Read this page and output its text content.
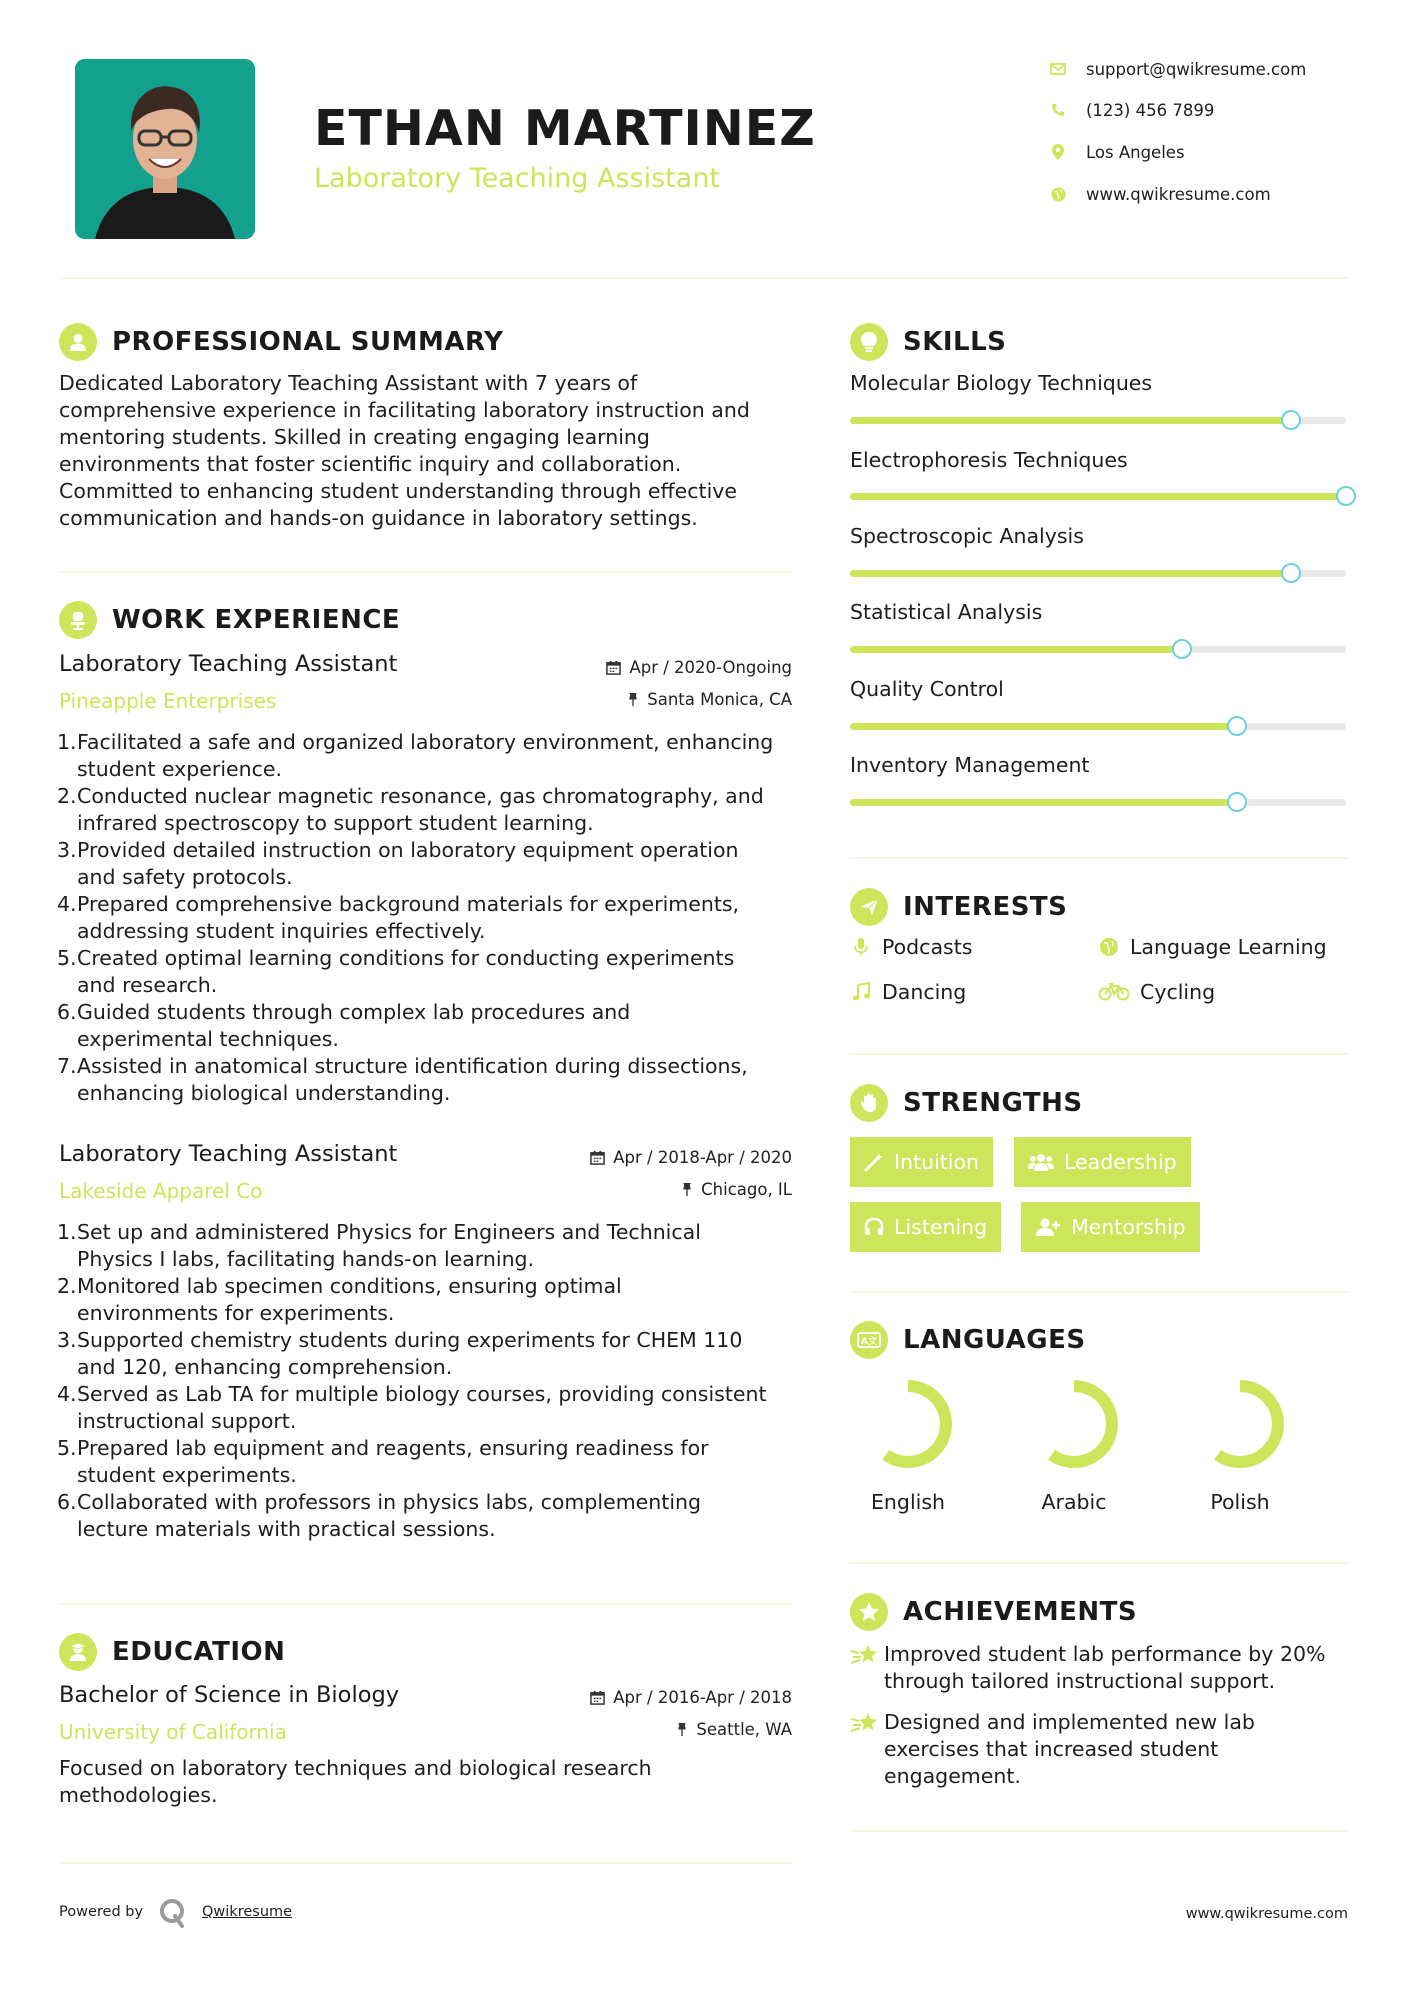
ETHAN MARTINEZ
Laboratory Teaching Assistant
support@qwikresume.com
(123) 456 7899
Los Angeles
www.qwikresume.com
PROFESSIONAL SUMMARY
Dedicated Laboratory Teaching Assistant with 7 years of
comprehensive experience in facilitating laboratory instruction and
mentoring students. Skilled in creating engaging learning
environments that foster scientific inquiry and collaboration.
Committed to enhancing student understanding through effective
communication and hands-on guidance in laboratory settings.
WORK EXPERIENCE
Laboratory Teaching Assistant
Pineapple Enterprises
Apr / 2020-Ongoing
Santa Monica, CA
1. Facilitated a safe and organized laboratory environment, enhancing
student experience.
2. Conducted nuclear magnetic resonance, gas chromatography, and
infrared spectroscopy to support student learning.
3. Provided detailed instruction on laboratory equipment operation
and safety protocols.
4. Prepared comprehensive background materials for experiments,
addressing student inquiries effectively.
5. Created optimal learning conditions for conducting experiments
and research.
6. Guided students through complex lab procedures and
experimental techniques.
7. Assisted in anatomical structure identification during dissections,
enhancing biological understanding.
Laboratory Teaching Assistant
Lakeside Apparel Co
Apr / 2018-Apr / 2020
Chicago, IL
1. Set up and administered Physics for Engineers and Technical
Physics I labs, facilitating hands-on learning.
2. Monitored lab specimen conditions, ensuring optimal
environments for experiments.
3. Supported chemistry students during experiments for CHEM 110
and 120, enhancing comprehension.
4. Served as Lab TA for multiple biology courses, providing consistent
instructional support.
5. Prepared lab equipment and reagents, ensuring readiness for
student experiments.
6. Collaborated with professors in physics labs, complementing
lecture materials with practical sessions.
EDUCATION
Bachelor of Science in Biology
University of California
Apr / 2016-Apr / 2018
Seattle, WA
Focused on laboratory techniques and biological research
methodologies.
SKILLS
Molecular Biology Techniques
Electrophoresis Techniques
Spectroscopic Analysis
Statistical Analysis
Quality Control
Inventory Management
INTERESTS
Podcasts	Language Learning
Dancing	Cycling
STRENGTHS
Intuition	Leadership
Listening	Mentorship
A文 LANGUAGES
English	Arabic	Polish
ACHIEVEMENTS
Improved student lab performance by 20%
through tailored instructional support.
Designed and implemented new lab
exercises that increased student
engagement.
Powered by	Qwikresume	www.qwikresume.com
